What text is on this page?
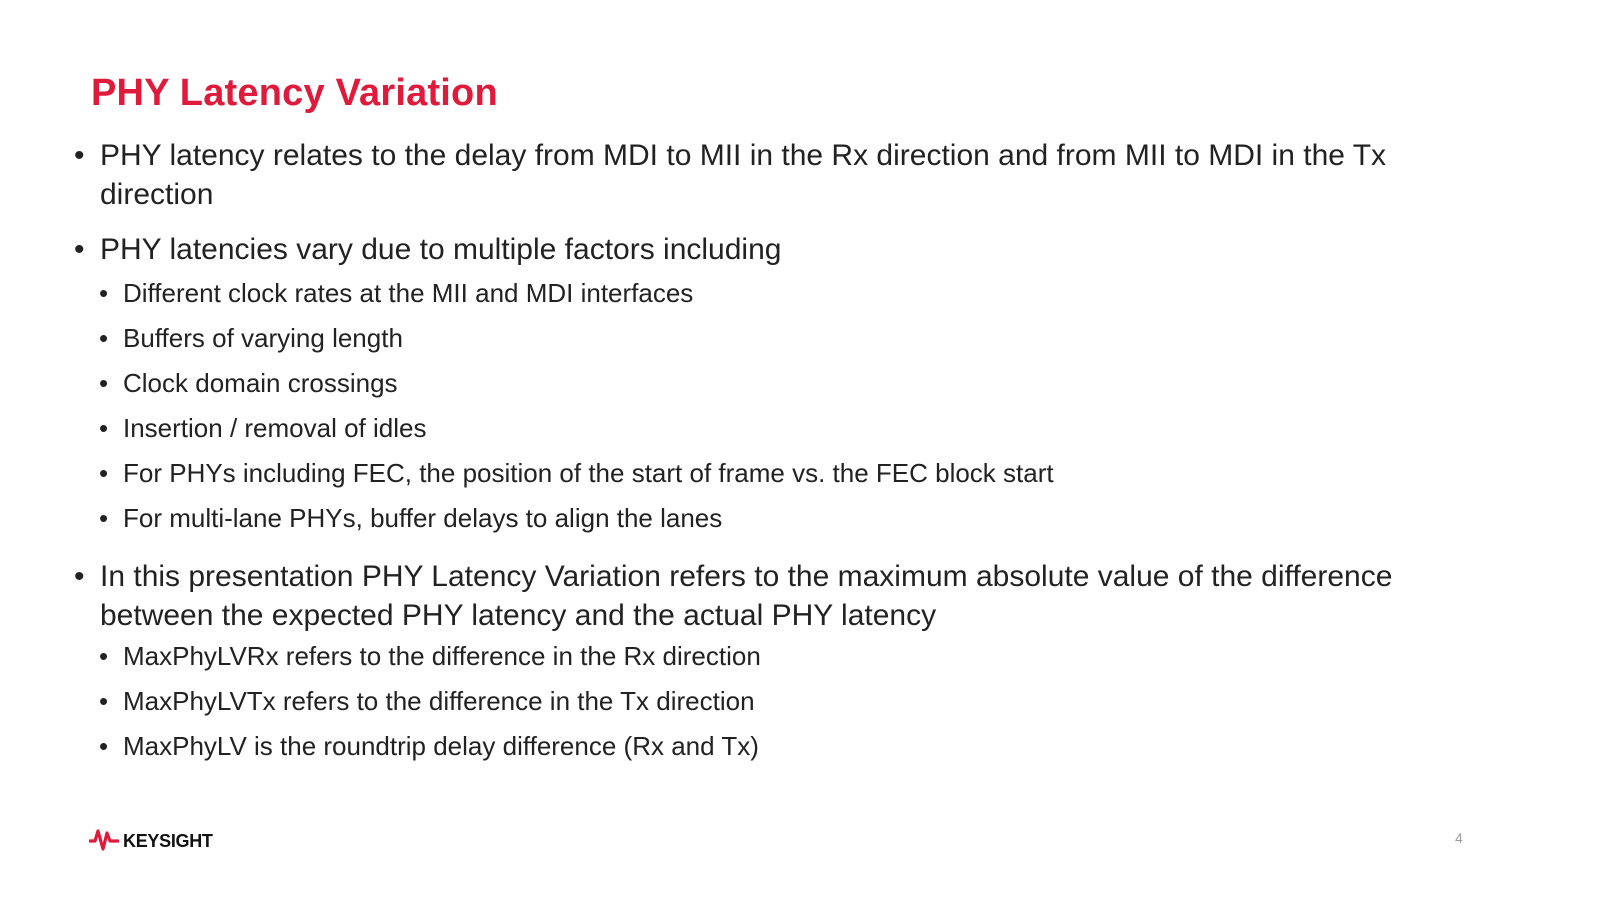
PHY Latency Variation
• PHY latency relates to the delay from MDI to MII in the Rx direction and from MII to MDI in the Tx direction
• PHY latencies vary due to multiple factors including
• Different clock rates at the MII and MDI interfaces
• Buffers of varying length
• Clock domain crossings
• Insertion / removal of idles
• For PHYs including FEC, the position of the start of frame vs. the FEC block start
• For multi-lane PHYs, buffer delays to align the lanes
• In this presentation PHY Latency Variation refers to the maximum absolute value of the difference between the expected PHY latency and the actual PHY latency
• MaxPhyLVRx refers to the difference in the Rx direction
• MaxPhyLVTx refers to the difference in the Tx direction
• MaxPhyLV is the roundtrip delay difference (Rx and Tx)
KEYSIGHT	4
